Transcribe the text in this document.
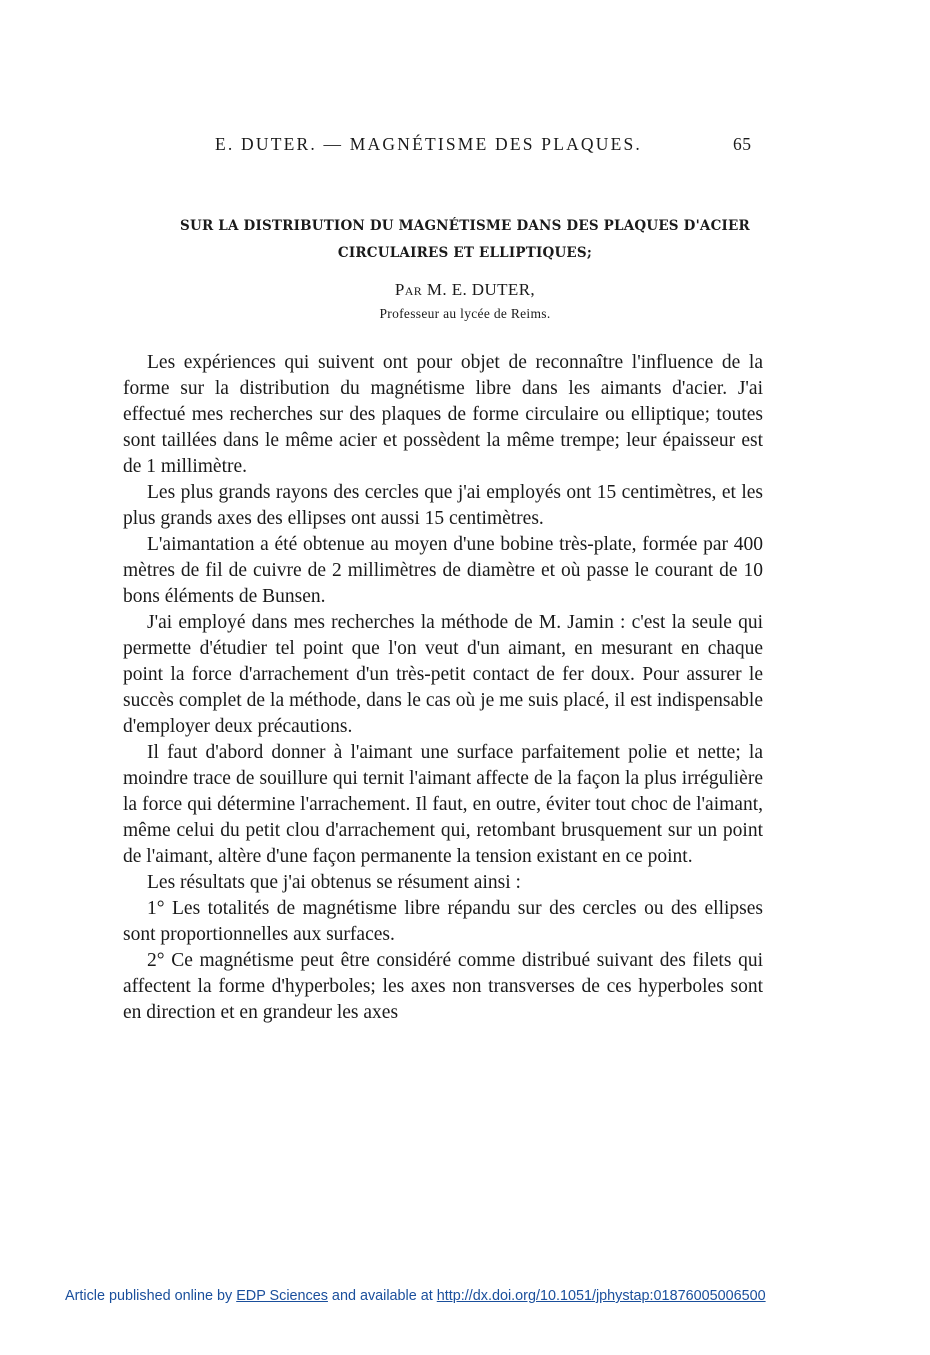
E. DUTER. — MAGNÉTISME DES PLAQUES.	65
SUR LA DISTRIBUTION DU MAGNÉTISME DANS DES PLAQUES D'ACIER
CIRCULAIRES ET ELLIPTIQUES;
Par M. E. DUTER,
Professeur au lycée de Reims.

Les expériences qui suivent ont pour objet de reconnaître l'influence de la forme sur la distribution du magnétisme libre dans les aimants d'acier. J'ai effectué mes recherches sur des plaques de forme circulaire ou elliptique; toutes sont taillées dans le même acier et possèdent la même trempe; leur épaisseur est de 1 millimètre.

Les plus grands rayons des cercles que j'ai employés ont 15 centimètres, et les plus grands axes des ellipses ont aussi 15 centimètres.

L'aimantation a été obtenue au moyen d'une bobine très-plate, formée par 400 mètres de fil de cuivre de 2 millimètres de diamètre et où passe le courant de 10 bons éléments de Bunsen.

J'ai employé dans mes recherches la méthode de M. Jamin : c'est la seule qui permette d'étudier tel point que l'on veut d'un aimant, en mesurant en chaque point la force d'arrachement d'un très-petit contact de fer doux. Pour assurer le succès complet de la méthode, dans le cas où je me suis placé, il est indispensable d'employer deux précautions.

Il faut d'abord donner à l'aimant une surface parfaitement polie et nette; la moindre trace de souillure qui ternit l'aimant affecte de la façon la plus irrégulière la force qui détermine l'arrachement. Il faut, en outre, éviter tout choc de l'aimant, même celui du petit clou d'arrachement qui, retombant brusquement sur un point de l'aimant, altère d'une façon permanente la tension existant en ce point.

Les résultats que j'ai obtenus se résument ainsi :

1° Les totalités de magnétisme libre répandu sur des cercles ou des ellipses sont proportionnelles aux surfaces.

2° Ce magnétisme peut être considéré comme distribué suivant des filets qui affectent la forme d'hyperboles; les axes non transverses de ces hyperboles sont en direction et en grandeur les axes

Article published online by EDP Sciences and available at http://dx.doi.org/10.1051/jphystap:01876005006500
